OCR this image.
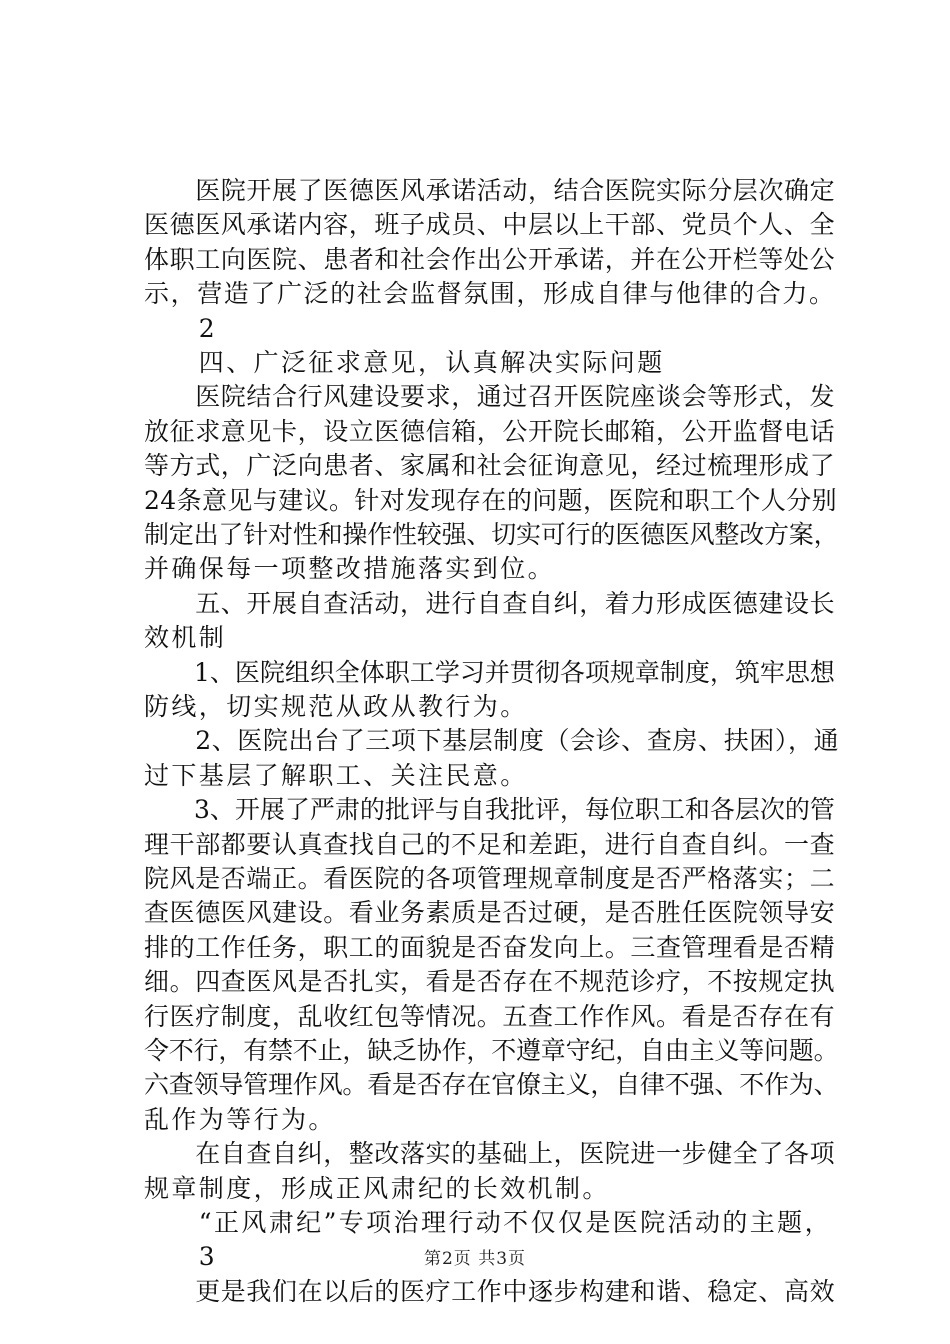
　　医院开展了医德医风承诺活动，结合医院实际分层次确定
医德医风承诺内容，班子成员、中层以上干部、党员个人、全
体职工向医院、患者和社会作出公开承诺，并在公开栏等处公
示，营造了广泛的社会监督氛围，形成自律与他律的合力。
　　2
　　四、广泛征求意见，认真解决实际问题
　　医院结合行风建设要求，通过召开医院座谈会等形式，发
放征求意见卡，设立医德信箱，公开院长邮箱，公开监督电话
等方式，广泛向患者、家属和社会征询意见，经过梳理形成了
24条意见与建议。针对发现存在的问题，医院和职工个人分别
制定出了针对性和操作性较强、切实可行的医德医风整改方案，
并确保每一项整改措施落实到位。
　　五、开展自查活动，进行自查自纠，着力形成医德建设长
效机制
　　1、医院组织全体职工学习并贯彻各项规章制度，筑牢思想
防线，切实规范从政从教行为。
　　2、医院出台了三项下基层制度（会诊、查房、扶困），通
过下基层了解职工、关注民意。
　　3、开展了严肃的批评与自我批评，每位职工和各层次的管
理干部都要认真查找自己的不足和差距，进行自查自纠。一查
院风是否端正。看医院的各项管理规章制度是否严格落实；二
查医德医风建设。看业务素质是否过硬，是否胜任医院领导安
排的工作任务，职工的面貌是否奋发向上。三查管理看是否精
细。四查医风是否扎实，看是否存在不规范诊疗，不按规定执
行医疗制度，乱收红包等情况。五查工作作风。看是否存在有
令不行，有禁不止，缺乏协作，不遵章守纪，自由主义等问题。
六查领导管理作风。看是否存在官僚主义，自律不强、不作为、
乱作为等行为。
　　在自查自纠，整改落实的基础上，医院进一步健全了各项
规章制度，形成正风肃纪的长效机制。
　　“正风肃纪”专项治理行动不仅仅是医院活动的主题，
　　3
　　更是我们在以后的医疗工作中逐步构建和谐、稳定、高效
第2页 共3页
